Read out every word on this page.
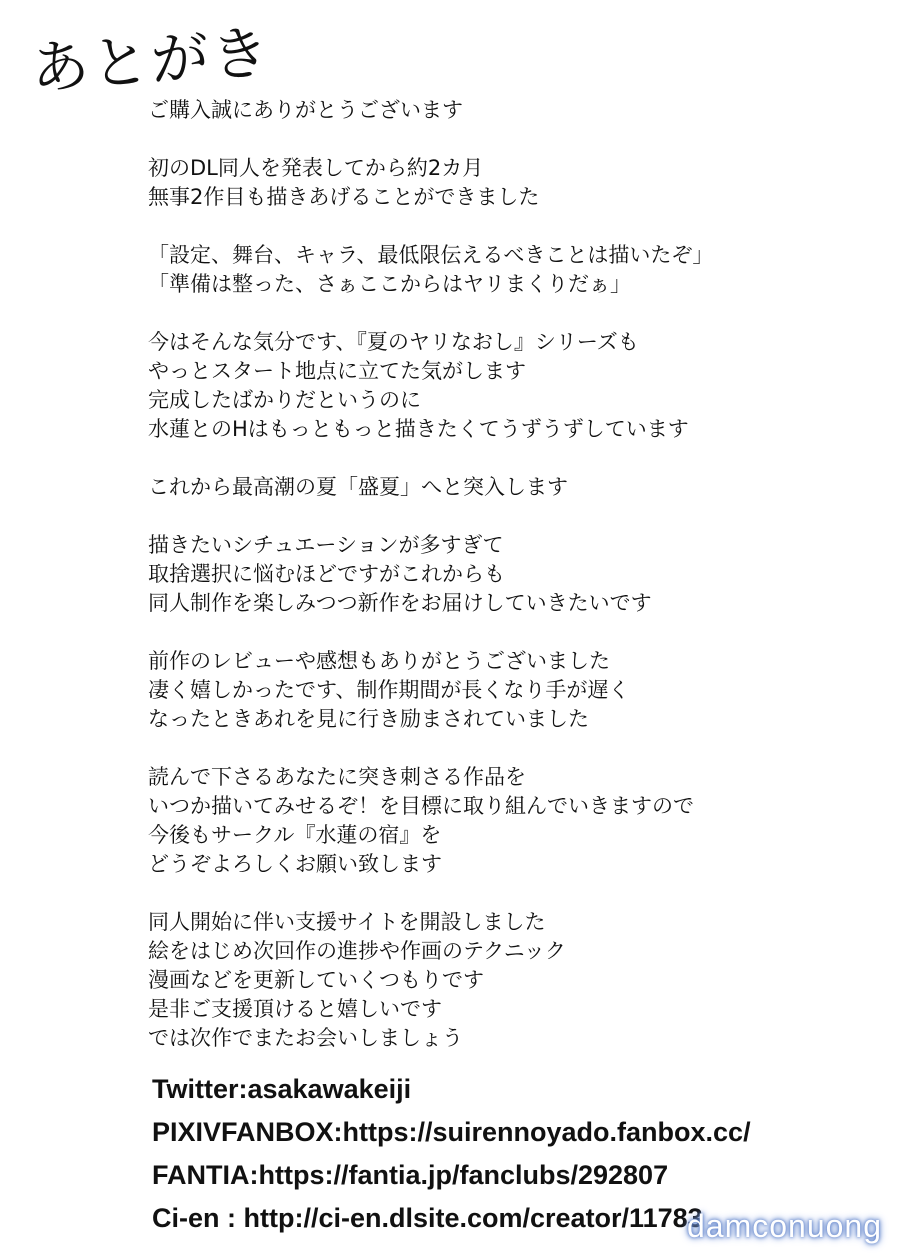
あとがき

ご購入誠にありがとうございます

初のDL同人を発表してから約2カ月
無事2作目も描きあげることができました

「設定、舞台、キャラ、最低限伝えるべきことは描いたぞ」
「準備は整った、さぁここからはヤリまくりだぁ」

今はそんな気分です、『夏のヤリなおし』シリーズも
やっとスタート地点に立てた気がします
完成したばかりだというのに
水蓮とのHはもっともっと描きたくてうずうずしています

これから最高潮の夏「盛夏」へと突入します

描きたいシチュエーションが多すぎて
取捨選択に悩むほどですがこれからも
同人制作を楽しみつつ新作をお届けしていきたいです

前作のレビューや感想もありがとうございました
凄く嬉しかったです、制作期間が長くなり手が遅く
なったときあれを見に行き励まされていました

読んで下さるあなたに突き刺さる作品を
いつか描いてみせるぞ！を目標に取り組んでいきますので
今後もサークル『水蓮の宿』を
どうぞよろしくお願い致します

同人開始に伴い支援サイトを開設しました
絵をはじめ次回作の進捗や作画のテクニック
漫画などを更新していくつもりです
是非ご支援頂けると嬉しいです
では次作でまたお会いしましょう

Twitter:asakawakeiji
PIXIVFANBOX:https://suirennoyado.fanbox.cc/
FANTIA:https://fantia.jp/fanclubs/292807
Ci-en : http://ci-en.dlsite.com/creator/11783
damconuong
